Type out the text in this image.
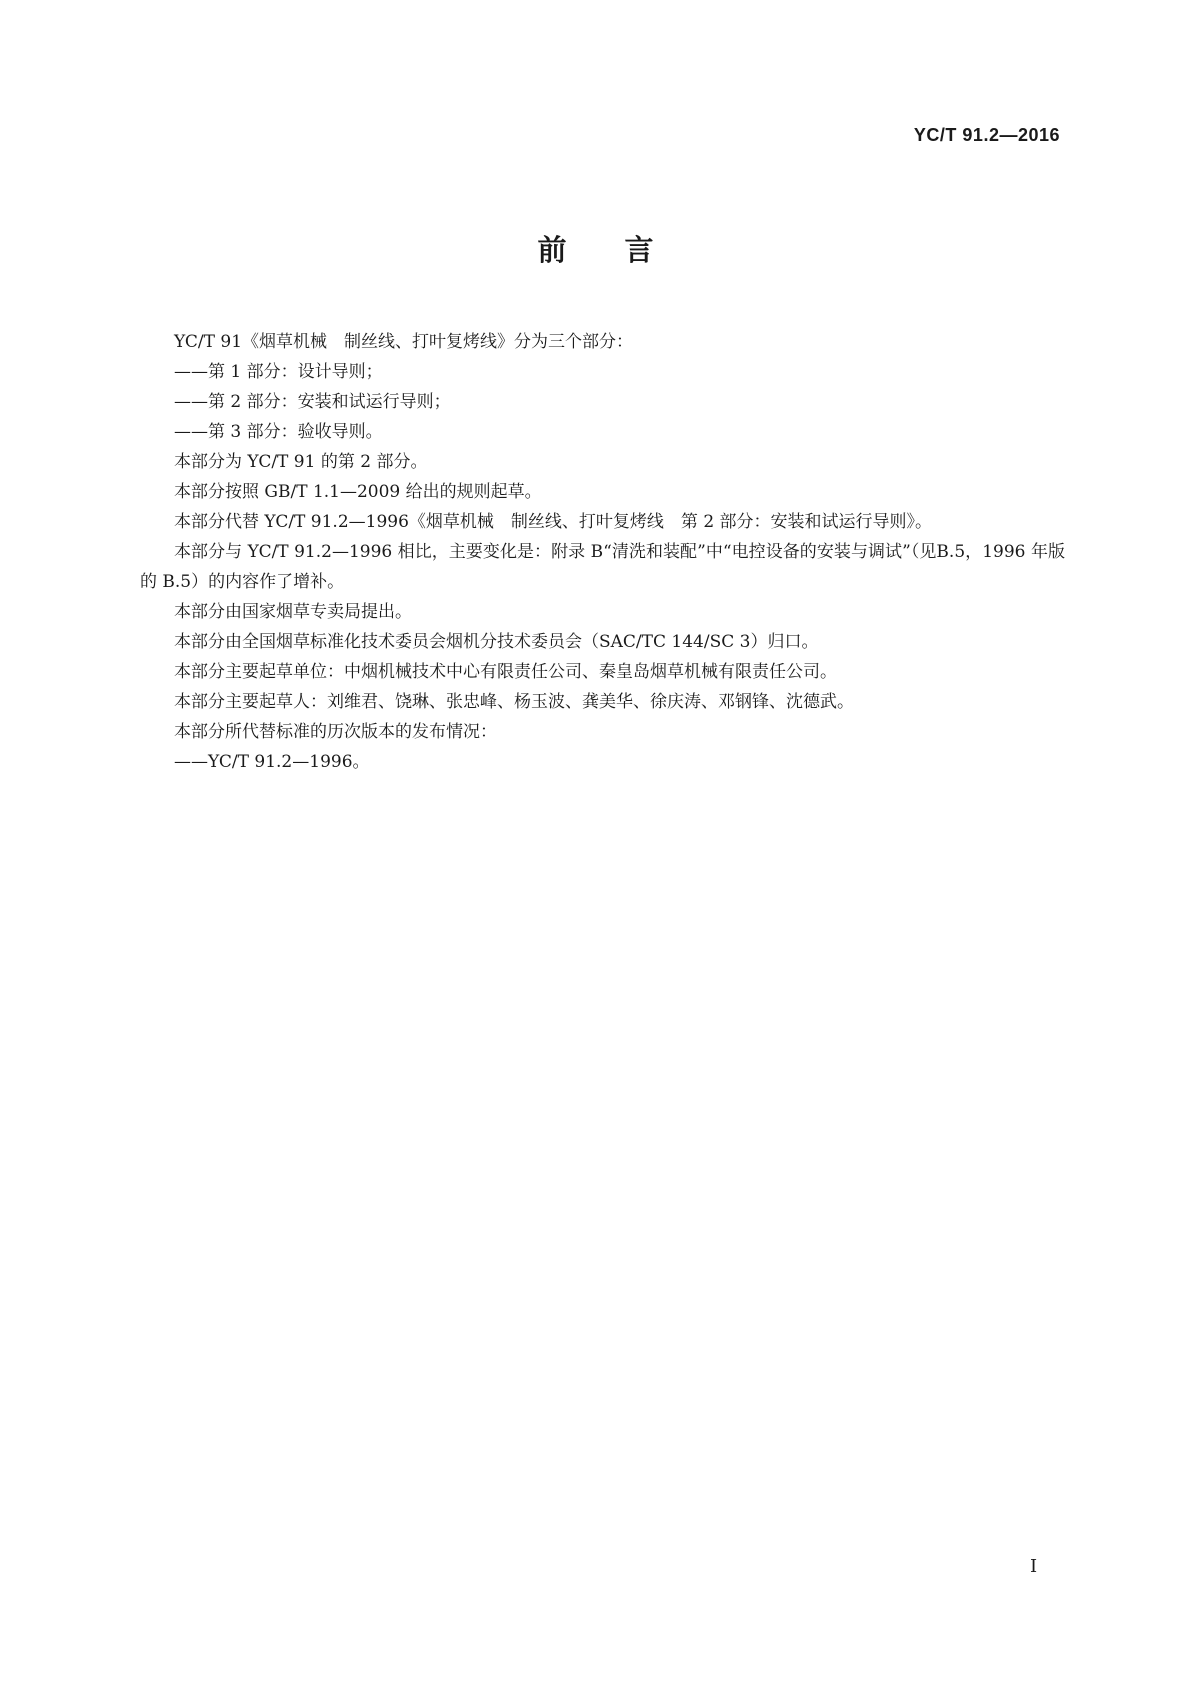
YC/T 91.2—2016
前言

YC/T 91《烟草机械　制丝线、打叶复烤线》分为三个部分：

——第 1 部分：设计导则；

——第 2 部分：安装和试运行导则；

——第 3 部分：验收导则。

本部分为 YC/T 91 的第 2 部分。

本部分按照 GB/T 1.1—2009 给出的规则起草。

本部分代替 YC/T 91.2—1996《烟草机械　制丝线、打叶复烤线　第 2 部分：安装和试运行导则》。

本部分与 YC/T 91.2—1996 相比，主要变化是：附录 B“清洗和装配”中“电控设备的安装与调试”（见B.5，1996 年版的 B.5）的内容作了增补。

本部分由国家烟草专卖局提出。

本部分由全国烟草标准化技术委员会烟机分技术委员会（SAC/TC 144/SC 3）归口。

本部分主要起草单位：中烟机械技术中心有限责任公司、秦皇岛烟草机械有限责任公司。

本部分主要起草人：刘维君、饶琳、张忠峰、杨玉波、龚美华、徐庆涛、邓钢锋、沈德武。

本部分所代替标准的历次版本的发布情况：

——YC/T 91.2—1996。

I
